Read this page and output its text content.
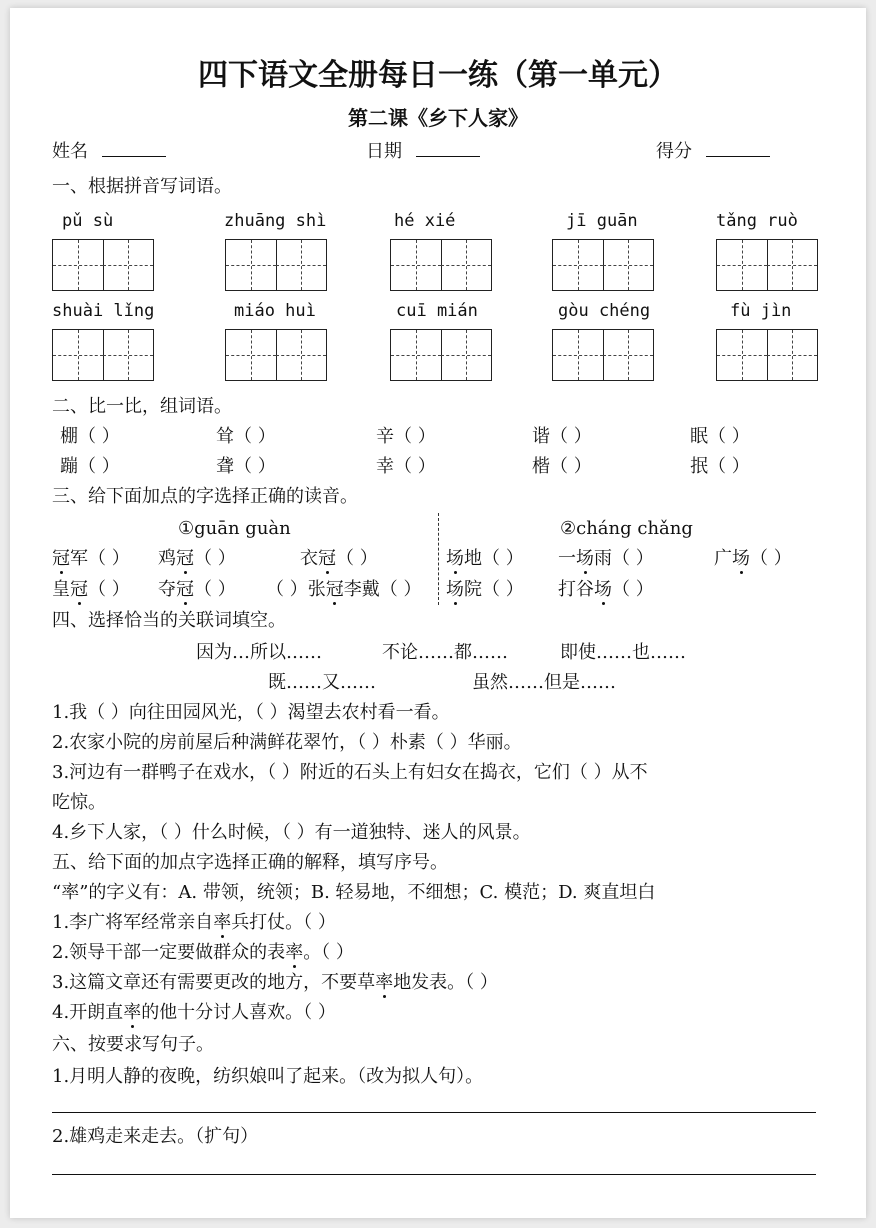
四下语文全册每日一练（第一单元）
第二课《乡下人家》
姓名	日期	得分
一、根据拼音写词语。
pǔ sù	zhuāng shì	hé xié	jī guān	tǎng ruò
shuài lǐng	miáo huì	cuī mián	gòu chéng	fù jìn
二、比一比，组词语。
棚（ ）	耸（ ）	辛（ ）	谐（ ）	眠（ ）
蹦（ ）	聋（ ）	幸（ ）	楷（ ）	抿（ ）
三、给下面加点的字选择正确的读音。
①guān guàn	②cháng chǎng
冠军（ ） 鸡冠（ ）	衣冠（ ）
皇冠（ ） 夺冠（ ） （ ）张冠李戴（ ）
场地（ ） 一场雨（ ）	广场（ ）
场院（ ） 打谷场（ ）
四、选择恰当的关联词填空。
因为…所以……	不论……都……	即使……也……
既……又……	虽然……但是……
1.我（ ）向往田园风光，（ ）渴望去农村看一看。
2.农家小院的房前屋后种满鲜花翠竹，（ ）朴素（ ）华丽。
3.河边有一群鸭子在戏水，（ ）附近的石头上有妇女在捣衣，它们（ ）从不
吃惊。
4.乡下人家，（ ）什么时候，（ ）有一道独特、迷人的风景。
五、给下面的加点字选择正确的解释，填写序号。
“率”的字义有：A. 带领，统领；B. 轻易地，不细想；C. 模范；D. 爽直坦白
1.李广将军经常亲自率兵打仗。（ ）
2.领导干部一定要做群众的表率。（ ）
3.这篇文章还有需要更改的地方，不要草率地发表。（ ）
4.开朗直率的他十分讨人喜欢。（ ）
六、按要求写句子。
1.月明人静的夜晚，纺织娘叫了起来。（改为拟人句）。
2.雄鸡走来走去。（扩句）
